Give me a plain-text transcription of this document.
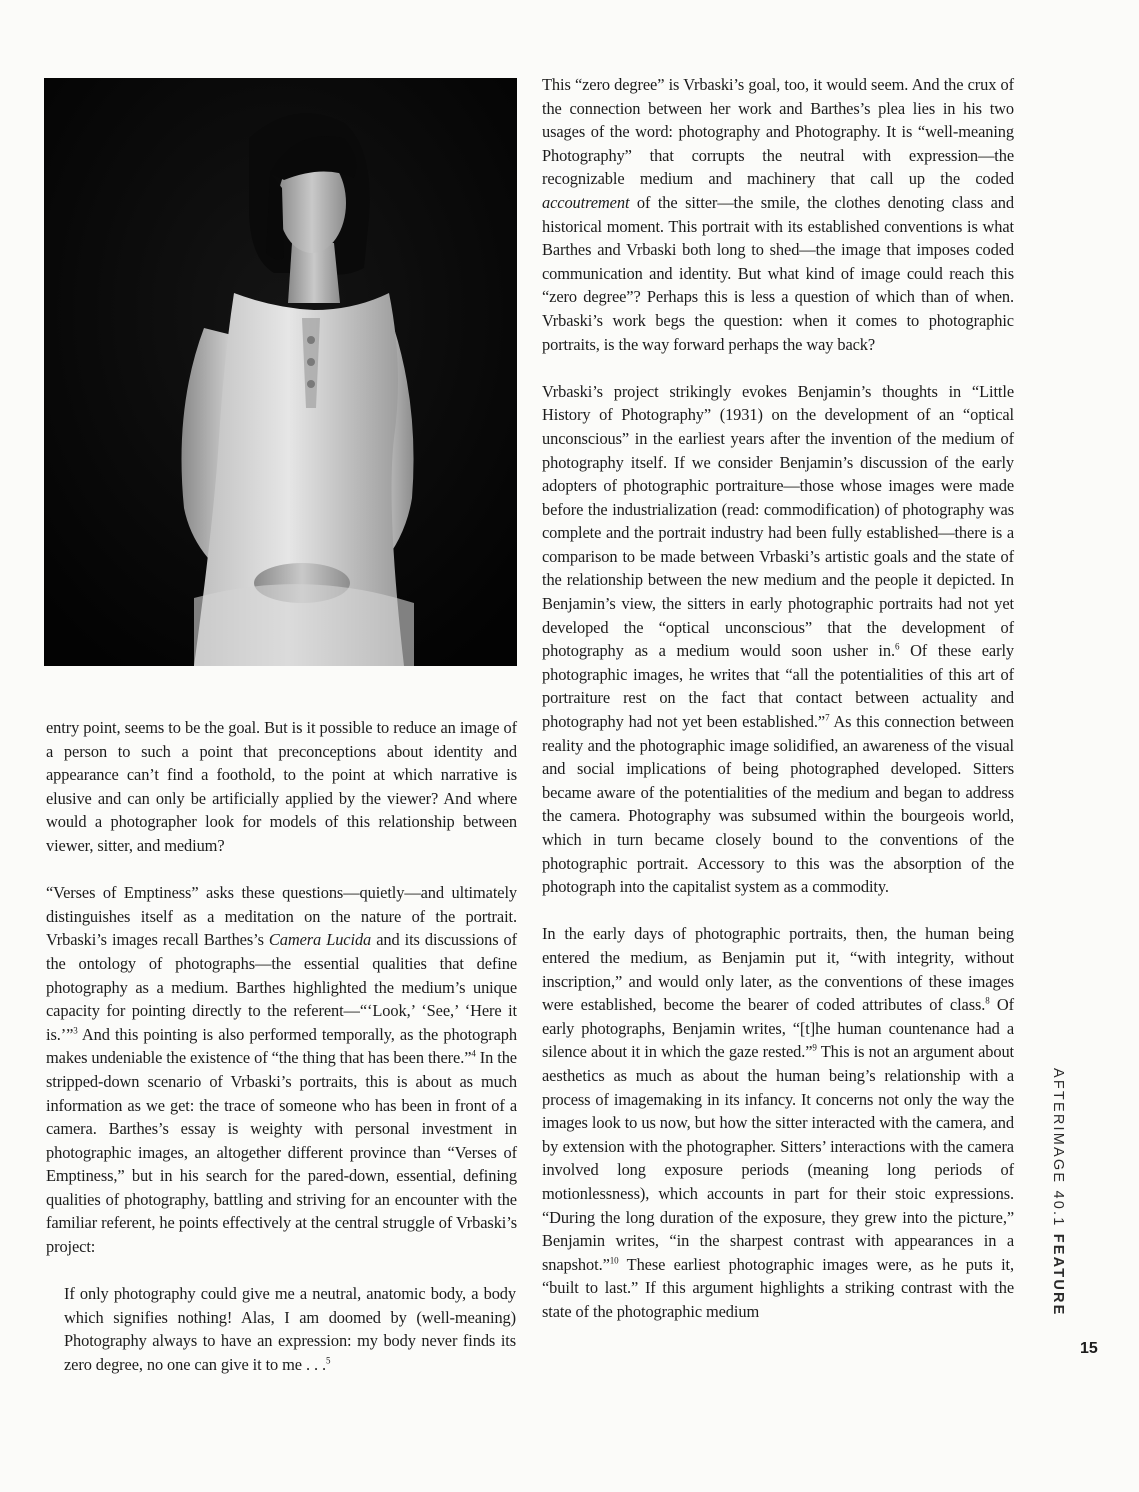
entry point, seems to be the goal. But is it possible to reduce an image of a person to such a point that preconceptions about identity and appearance can’t find a foothold, to the point at which narrative is elusive and can only be artificially applied by the viewer? And where would a photographer look for models of this relationship between viewer, sitter, and medium?

“Verses of Emptiness” asks these questions—quietly—and ultimately distinguishes itself as a meditation on the nature of the portrait. Vrbaski’s images recall Barthes’s Camera Lucida and its discussions of the ontology of photographs—the essential qualities that define photography as a medium. Barthes highlighted the medium’s unique capacity for pointing directly to the referent—“‘Look,’ ‘See,’ ‘Here it is.’”$^3$ And this pointing is also performed temporally, as the photograph makes undeniable the existence of “the thing that has been there.”$^4$ In the stripped-down scenario of Vrbaski’s portraits, this is about as much information as we get: the trace of someone who has been in front of a camera. Barthes’s essay is weighty with personal investment in photographic images, an altogether different province than “Verses of Emptiness,” but in his search for the pared-down, essential, defining qualities of photography, battling and striving for an encounter with the familiar referent, he points effectively at the central struggle of Vrbaski’s project:

If only photography could give me a neutral, anatomic body, a body which signifies nothing! Alas, I am doomed by (well-meaning) Photography always to have an expression: my body never finds its zero degree, no one can give it to me . . .$^5$

This “zero degree” is Vrbaski’s goal, too, it would seem. And the crux of the connection between her work and Barthes’s plea lies in his two usages of the word: photography and Photography. It is “well-meaning Photography” that corrupts the neutral with expression—the recognizable medium and machinery that call up the coded accoutrement of the sitter—the smile, the clothes denoting class and historical moment. This portrait with its established conventions is what Barthes and Vrbaski both long to shed—the image that imposes coded communication and identity. But what kind of image could reach this “zero degree”? Perhaps this is less a question of which than of when. Vrbaski’s work begs the question: when it comes to photographic portraits, is the way forward perhaps the way back?

Vrbaski’s project strikingly evokes Benjamin’s thoughts in “Little History of Photography” (1931) on the development of an “optical unconscious” in the earliest years after the invention of the medium of photography itself. If we consider Benjamin’s discussion of the early adopters of photographic portraiture—those whose images were made before the industrialization (read: commodification) of photography was complete and the portrait industry had been fully established—there is a comparison to be made between Vrbaski’s artistic goals and the state of the relationship between the new medium and the people it depicted. In Benjamin’s view, the sitters in early photographic portraits had not yet developed the “optical unconscious” that the development of photography as a medium would soon usher in.$^6$ Of these early photographic images, he writes that “all the potentialities of this art of portraiture rest on the fact that contact between actuality and photography had not yet been established.”$^7$ As this connection between reality and the photographic image solidified, an awareness of the visual and social implications of being photographed developed. Sitters became aware of the potentialities of the medium and began to address the camera. Photography was subsumed within the bourgeois world, which in turn became closely bound to the conventions of the photographic portrait. Accessory to this was the absorption of the photograph into the capitalist system as a commodity.

In the early days of photographic portraits, then, the human being entered the medium, as Benjamin put it, “with integrity, without inscription,” and would only later, as the conventions of these images were established, become the bearer of coded attributes of class.$^8$ Of early photographs, Benjamin writes, “[t]he human countenance had a silence about it in which the gaze rested.”$^9$ This is not an argument about aesthetics as much as about the human being’s relationship with a process of imagemaking in its infancy. It concerns not only the way the images look to us now, but how the sitter interacted with the camera, and by extension with the photographer. Sitters’ interactions with the camera involved long exposure periods (meaning long periods of motionlessness), which accounts in part for their stoic expressions. “During the long duration of the exposure, they grew into the picture,” Benjamin writes, “in the sharpest contrast with appearances in a snapshot.”$^{10}$ These earliest photographic images were, as he puts it, “built to last.” If this argument highlights a striking contrast with the state of the photographic medium

AFTERIMAGE 40.1 FEATURE
15
